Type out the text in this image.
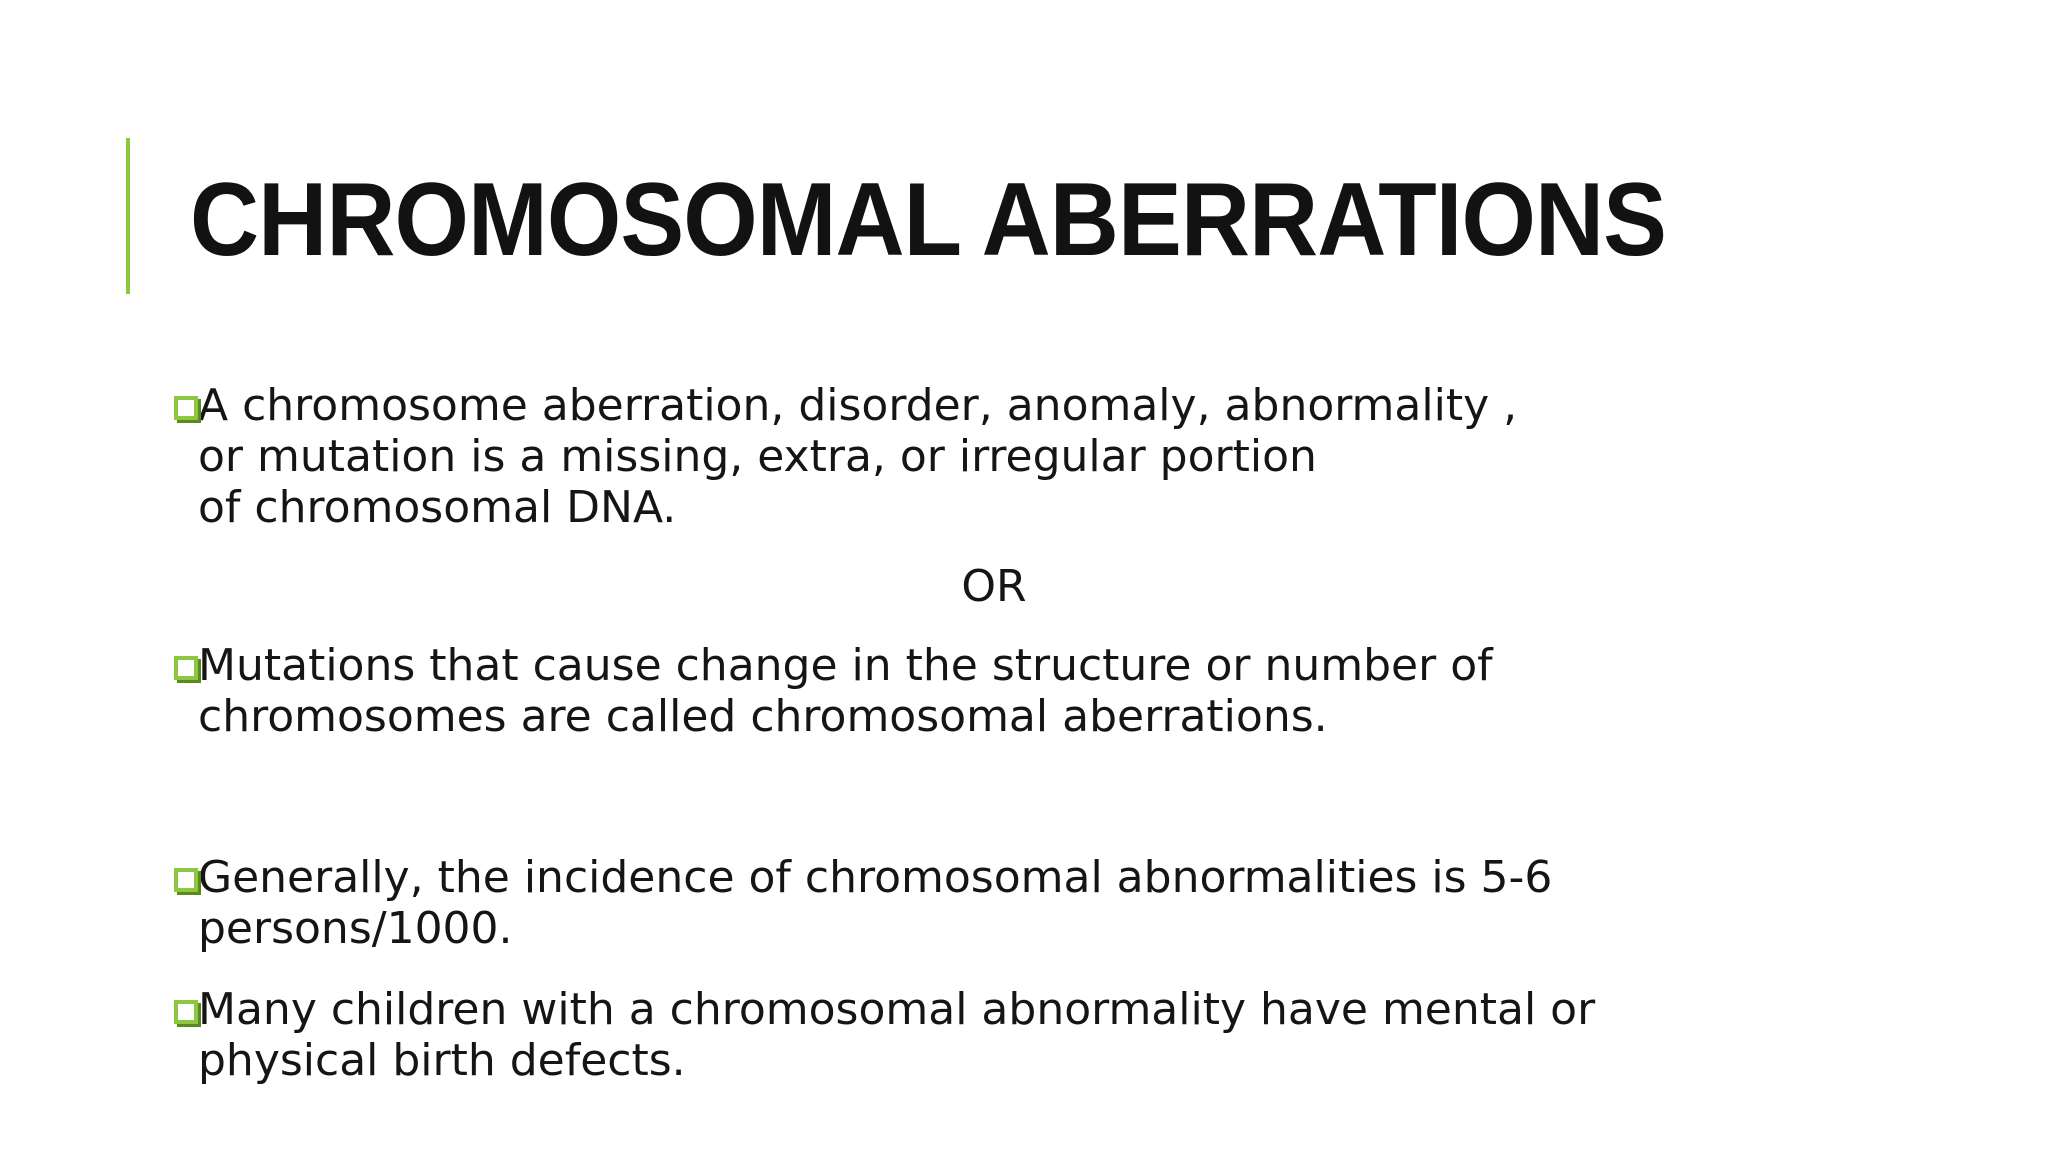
CHROMOSOMAL ABERRATIONS
A chromosome aberration, disorder, anomaly, abnormality ,
or mutation is a missing, extra, or irregular portion
of chromosomal DNA.
OR
Mutations that cause change in the structure or number of
chromosomes are called chromosomal aberrations.
Generally, the incidence of chromosomal abnormalities is 5-6
persons/1000.
Many children with a chromosomal abnormality have mental or
physical birth defects.
